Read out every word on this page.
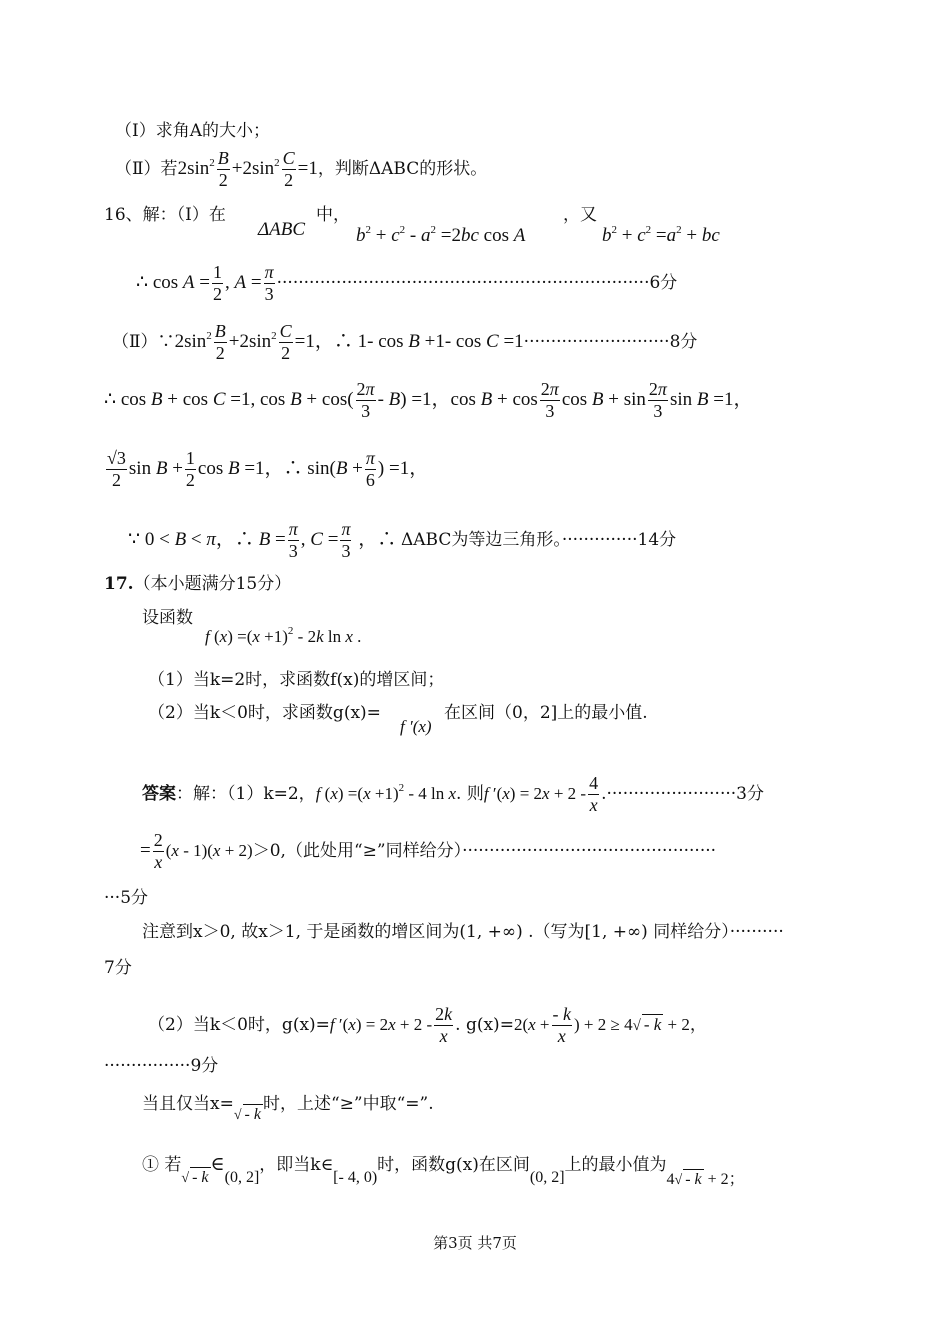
（Ⅰ）求角A的大小；
（Ⅱ）若$2\sin^2 \frac{B}{2} +2\sin^2 \frac{C}{2} =1$，判断ΔABC的形状。
16、解：（Ⅰ）在
ΔABC
中，
$b^2 + c^2 - a^2 =2bc$ cos A
，又
$b^2 + c^2 =a^2$ + bc
∴ $\cos A = \frac{1}{2}$ , $A = \frac{\pi}{3} \cdot\cdot\cdot\cdot\cdot\cdot\cdot\cdot\cdot\cdot\cdot\cdot\cdot\cdot\cdot\cdot\cdot\cdot\cdot\cdot\cdot\cdot\cdot\cdot\cdot\cdot\cdot\cdot\cdot\cdot\cdot\cdot\cdot\cdot\cdot\cdot\cdot\cdot\cdot\cdot\cdot\cdot\cdot\cdot\cdot\cdot\cdot\cdot\cdot\cdot\cdot\cdot\cdot\cdot\cdot\cdot\cdot\cdot\cdot\cdot\cdot\cdot\cdot\cdot\cdot\cdot\cdot\cdot\cdot 6$分
$(Ⅱ)\because 2\sin^2 \frac{B}{2} +2\sin^2 \frac{C}{2} =1$，∴ 1- cos B +1- cos C =1···························8分
∴ cos B + cos C =1, $\cos B + \cos( \frac{2\pi}{3} - B) =1$，$\cos B + \cos \frac{2\pi}{3}$ $\cos B + \sin \frac{2\pi}{3}$ sin B =1，
$\frac{√3}{2}$ $\sin B + \frac{1}{2}$ cos B =1，∴ $\sin(B + \frac{\pi}{6}$ ) =1，
∵ 0 < B < π，∴ $B = \frac{\pi}{3}$ , $C = \frac{\pi}{3}$ ，∴ ΔABC为等边三角形。··············14分
17.（本小题满分15分）
设函数
f $(x) =(x +1)^2 - 2k$ ln x .
（1）当k=2时，求函数f(x)的增区间；
（2）当k＜0时，求函数g(x)=
f ′(x)
在区间（0，2]上的最小值.
答案：解：（1）k=2，f $(x) =(x +1)^2 - 4$ ln x. 则f $'(x) = 2x + 2 - \frac{4}{x} .\cdot\cdot\cdot\cdot\cdot\cdot\cdot\cdot\cdot\cdot\cdot\cdot\cdot\cdot\cdot\cdot\cdot\cdot\cdot\cdot\cdot\cdot\cdot\cdot 3$分
= $\frac{2}{x} (x - 1)(x + 2)>0$,（此处用“≥”同样给分）···············································
···5分
注意到x＞0, 故x＞1, 于是函数的增区间为(1, +∞) .（写为[1, +∞) 同样给分）··········
7分
（2）当k＜0时，g(x)=f $'(x) = 2x + 2 - \frac{2k}{x}$ . $g(x)=2(x + \frac{- k}{x}$ ) + 2 ≥ 4√ - k + 2，
················9分
当且仅当x=√ - k时，上述“≥”中取“=”.
① 若√ - k∈(0, 2]，即当k∈[- 4, 0)时，函数g(x)在区间(0, 2]上的最小值为4√ - k + 2；
第3页 共7页
